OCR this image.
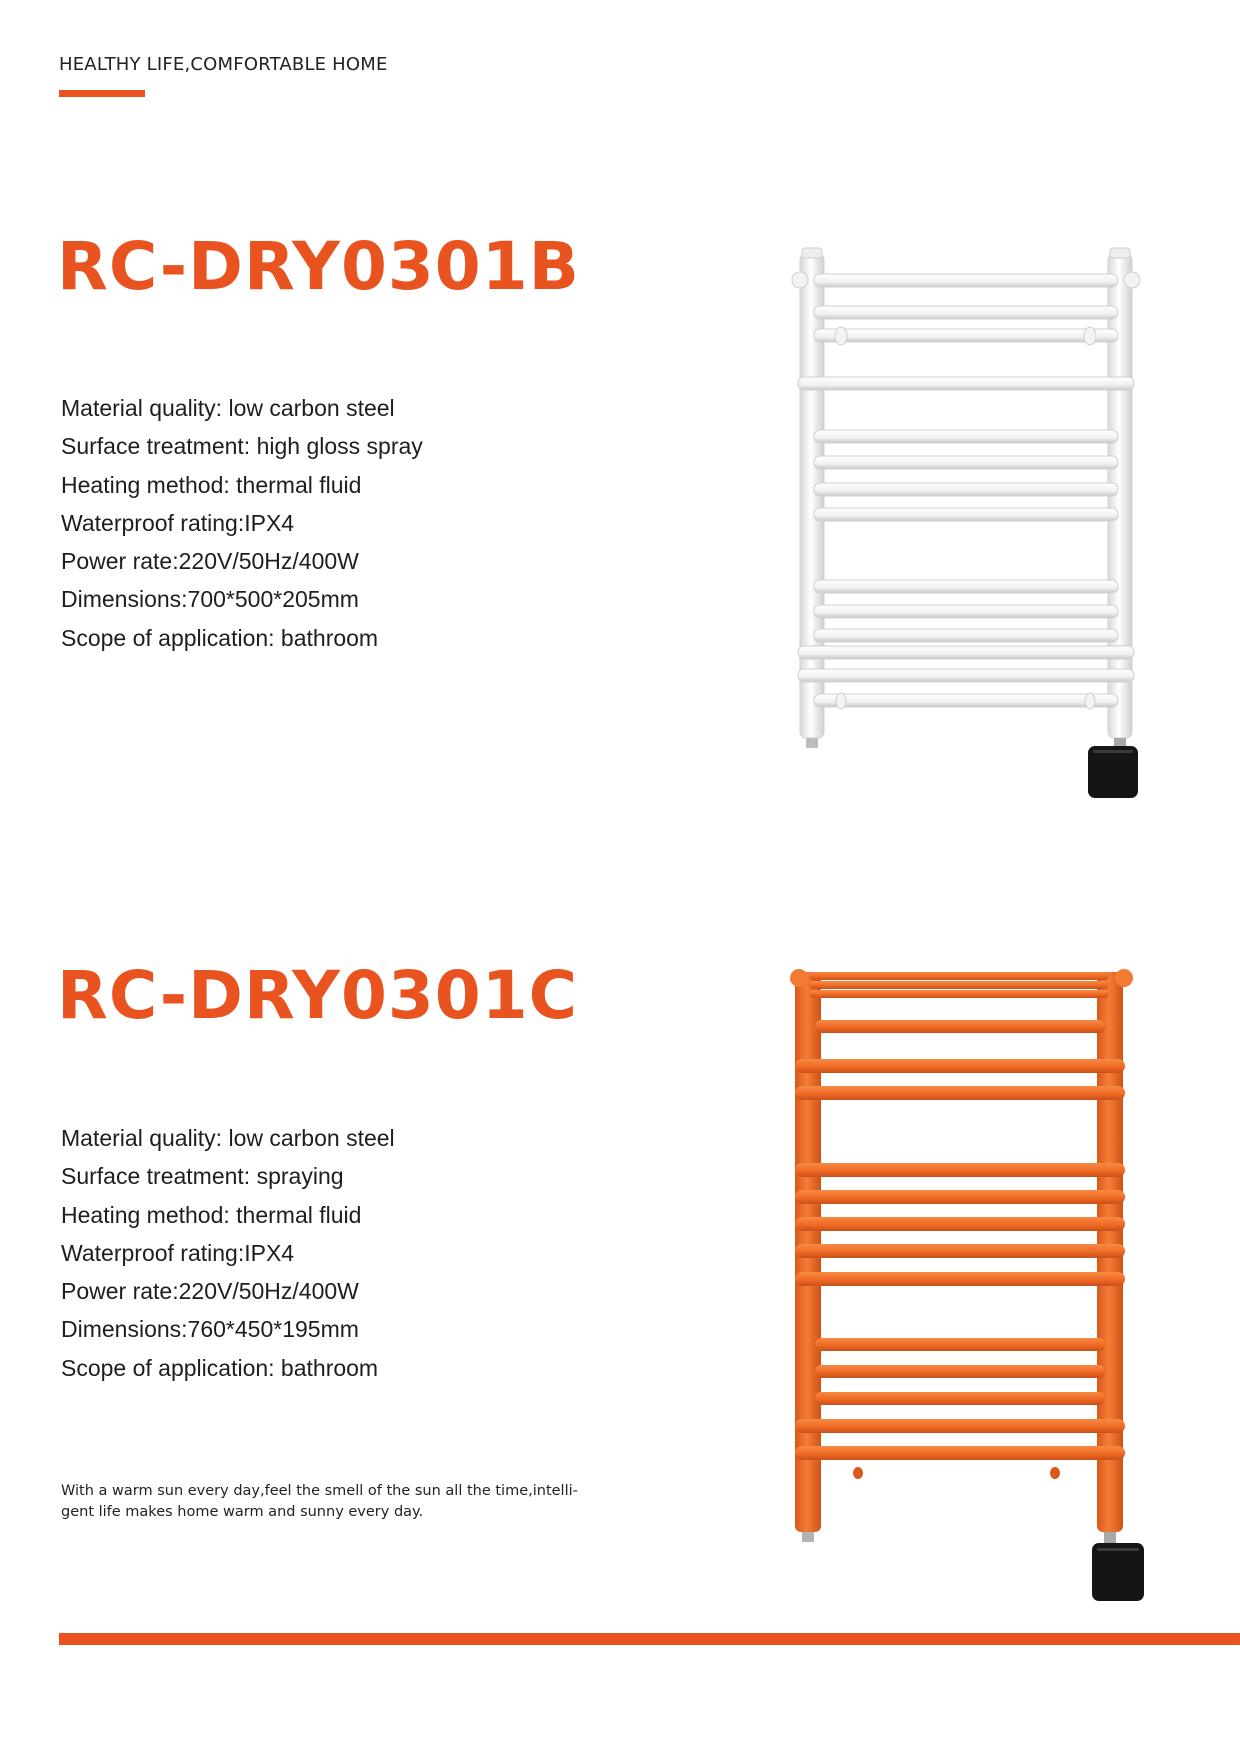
HEALTHY LIFE,COMFORTABLE HOME
RC-DRY0301B
Material quality: low carbon steel
Surface treatment: high gloss spray
Heating method: thermal fluid
Waterproof rating:IPX4
Power rate:220V/50Hz/400W
Dimensions:700*500*205mm
Scope of application: bathroom
RC-DRY0301C
Material quality: low carbon steel
Surface treatment: spraying
Heating method: thermal fluid
Waterproof rating:IPX4
Power rate:220V/50Hz/400W
Dimensions:760*450*195mm
Scope of application: bathroom
With a warm sun every day,feel the smell of the sun all the time,intelli-
gent life makes home warm and sunny every day.
